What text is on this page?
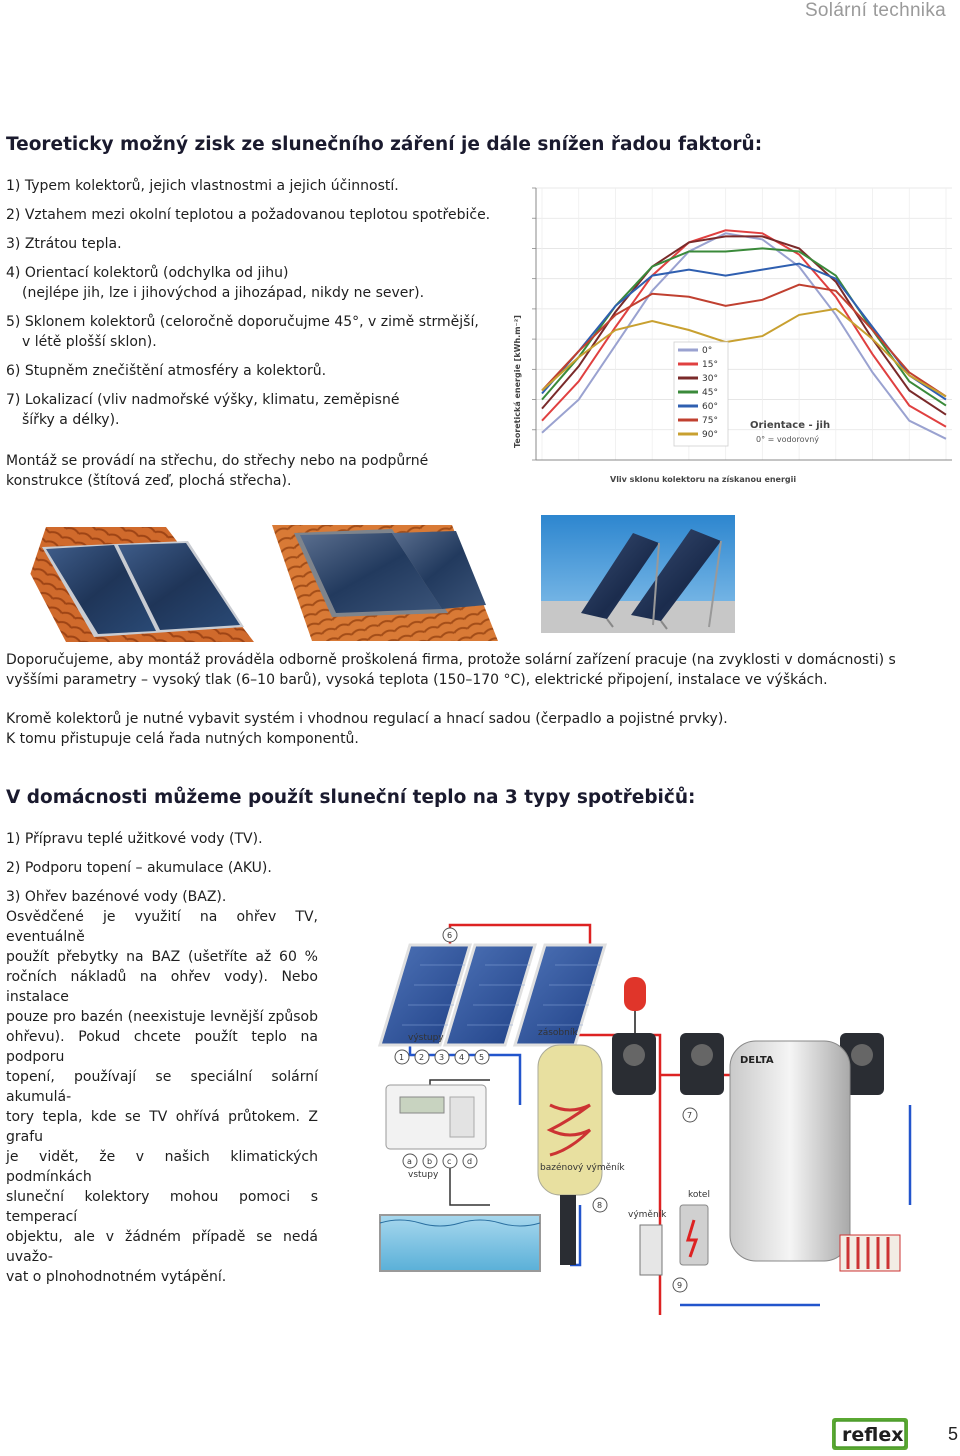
Solární technika
Teoreticky možný zisk ze slunečního záření je dále snížen řadou faktorů:

1) Typem kolektorů, jejich vlastnostmi a jejich účinností.

2) Vztahem mezi okolní teplotou a požadovanou teplotou spotřebiče.

3) Ztrátou tepla.

4) Orientací kolektorů (odchylka od jihu)
(nejlépe jih, lze i jihovýchod a jihozápad, nikdy ne sever).

5) Sklonem kolektorů (celoročně doporučujme 45°, v zimě strmější,
v létě plošší sklon).

6) Stupněm znečištění atmosféry a kolektorů.

7) Lokalizací (vliv nadmořské výšky, klimatu, zeměpisné
šířky a délky).

Montáž se provádí na střechu, do střechy nebo na podpůrné

konstrukce (štítová zeď, plochá střecha).

Teoretická energie [kWh.m⁻²]
Vliv sklonu kolektoru na získanou energii
0°
15°
30°
45°
60°
75°
90°
Orientace - jih
0° = vodorovný

Doporučujeme, aby montáž prováděla odborně proškolená firma, protože solární zařízení pracuje (na zvyklosti v domácnosti) s

vyššími parametry – vysoký tlak (6–10 barů), vysoká teplota (150–170 °C), elektrické připojení, instalace ve výškách.

Kromě kolektorů je nutné vybavit systém i vhodnou regulací a hnací sadou (čerpadlo a pojistné prvky).

K tomu přistupuje celá řada nutných komponentů.

V domácnosti můžeme použít sluneční teplo na 3 typy spotřebičů:

1) Přípravu teplé užitkové vody (TV).

2) Podporu topení – akumulace (AKU).

3) Ohřev bazénové vody (BAZ).

Osvědčené je využití na ohřev TV, eventuálně

použít přebytky na BAZ (ušetříte až 60 %

ročních nákladů na ohřev vody). Nebo instalace

pouze pro bazén (neexistuje levnější způsob

ohřevu). Pokud chcete použít teplo na podporu

topení, používají se speciální solární akumulá-

tory tepla, kde se TV ohřívá průtokem. Z grafu

je vidět, že v našich klimatických podmínkách

sluneční kolektory mohou pomoci s temperací

objektu, ale v žádném případě se nedá uvažo-

vat o plnohodnotném vytápění.

DELTA
zásobník
výstupy
vstupy
1 2 3 4 5
a b c d
bazénový výměník
kotel
výměník
7
8
9
6
reflex 5
